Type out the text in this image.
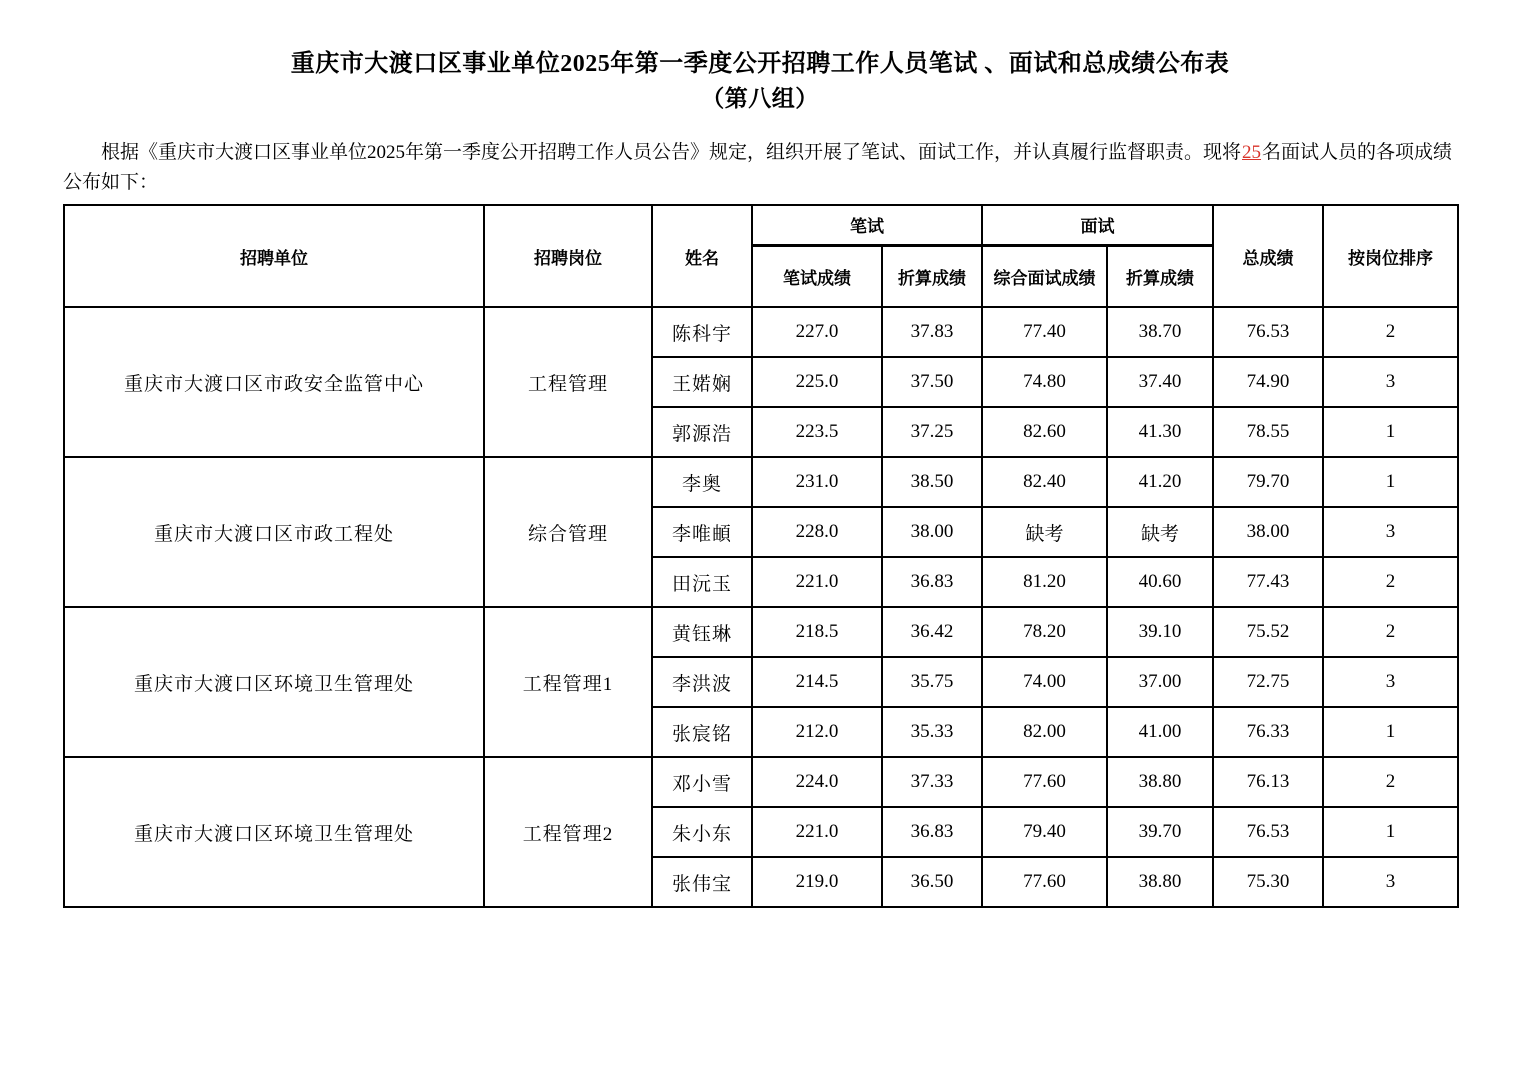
重庆市大渡口区事业单位2025年第一季度公开招聘工作人员笔试 、面试和总成绩公布表
（第八组）

根据《重庆市大渡口区事业单位2025年第一季度公开招聘工作人员公告》规定，组织开展了笔试、面试工作，并认真履行监督职责。现将25名面试人员的各项成绩公布如下：

招聘单位	招聘岗位	姓名	笔试		面试		总成绩	按岗位排序
			笔试成绩	折算成绩	综合面试成绩	折算成绩		
重庆市大渡口区市政安全监管中心	工程管理	陈科宇	227.0	37.83	77.40	38.70	76.53	2
		王婼娴	225.0	37.50	74.80	37.40	74.90	3
		郭源浩	223.5	37.25	82.60	41.30	78.55	1
重庆市大渡口区市政工程处	综合管理	李奥	231.0	38.50	82.40	41.20	79.70	1
		李唯頔	228.0	38.00	缺考	缺考	38.00	3
		田沅玉	221.0	36.83	81.20	40.60	77.43	2
重庆市大渡口区环境卫生管理处	工程管理1	黄钰琳	218.5	36.42	78.20	39.10	75.52	2
		李洪波	214.5	35.75	74.00	37.00	72.75	3
		张宸铭	212.0	35.33	82.00	41.00	76.33	1
重庆市大渡口区环境卫生管理处	工程管理2	邓小雪	224.0	37.33	77.60	38.80	76.13	2
		朱小东	221.0	36.83	79.40	39.70	76.53	1
		张伟宝	219.0	36.50	77.60	38.80	75.30	3
